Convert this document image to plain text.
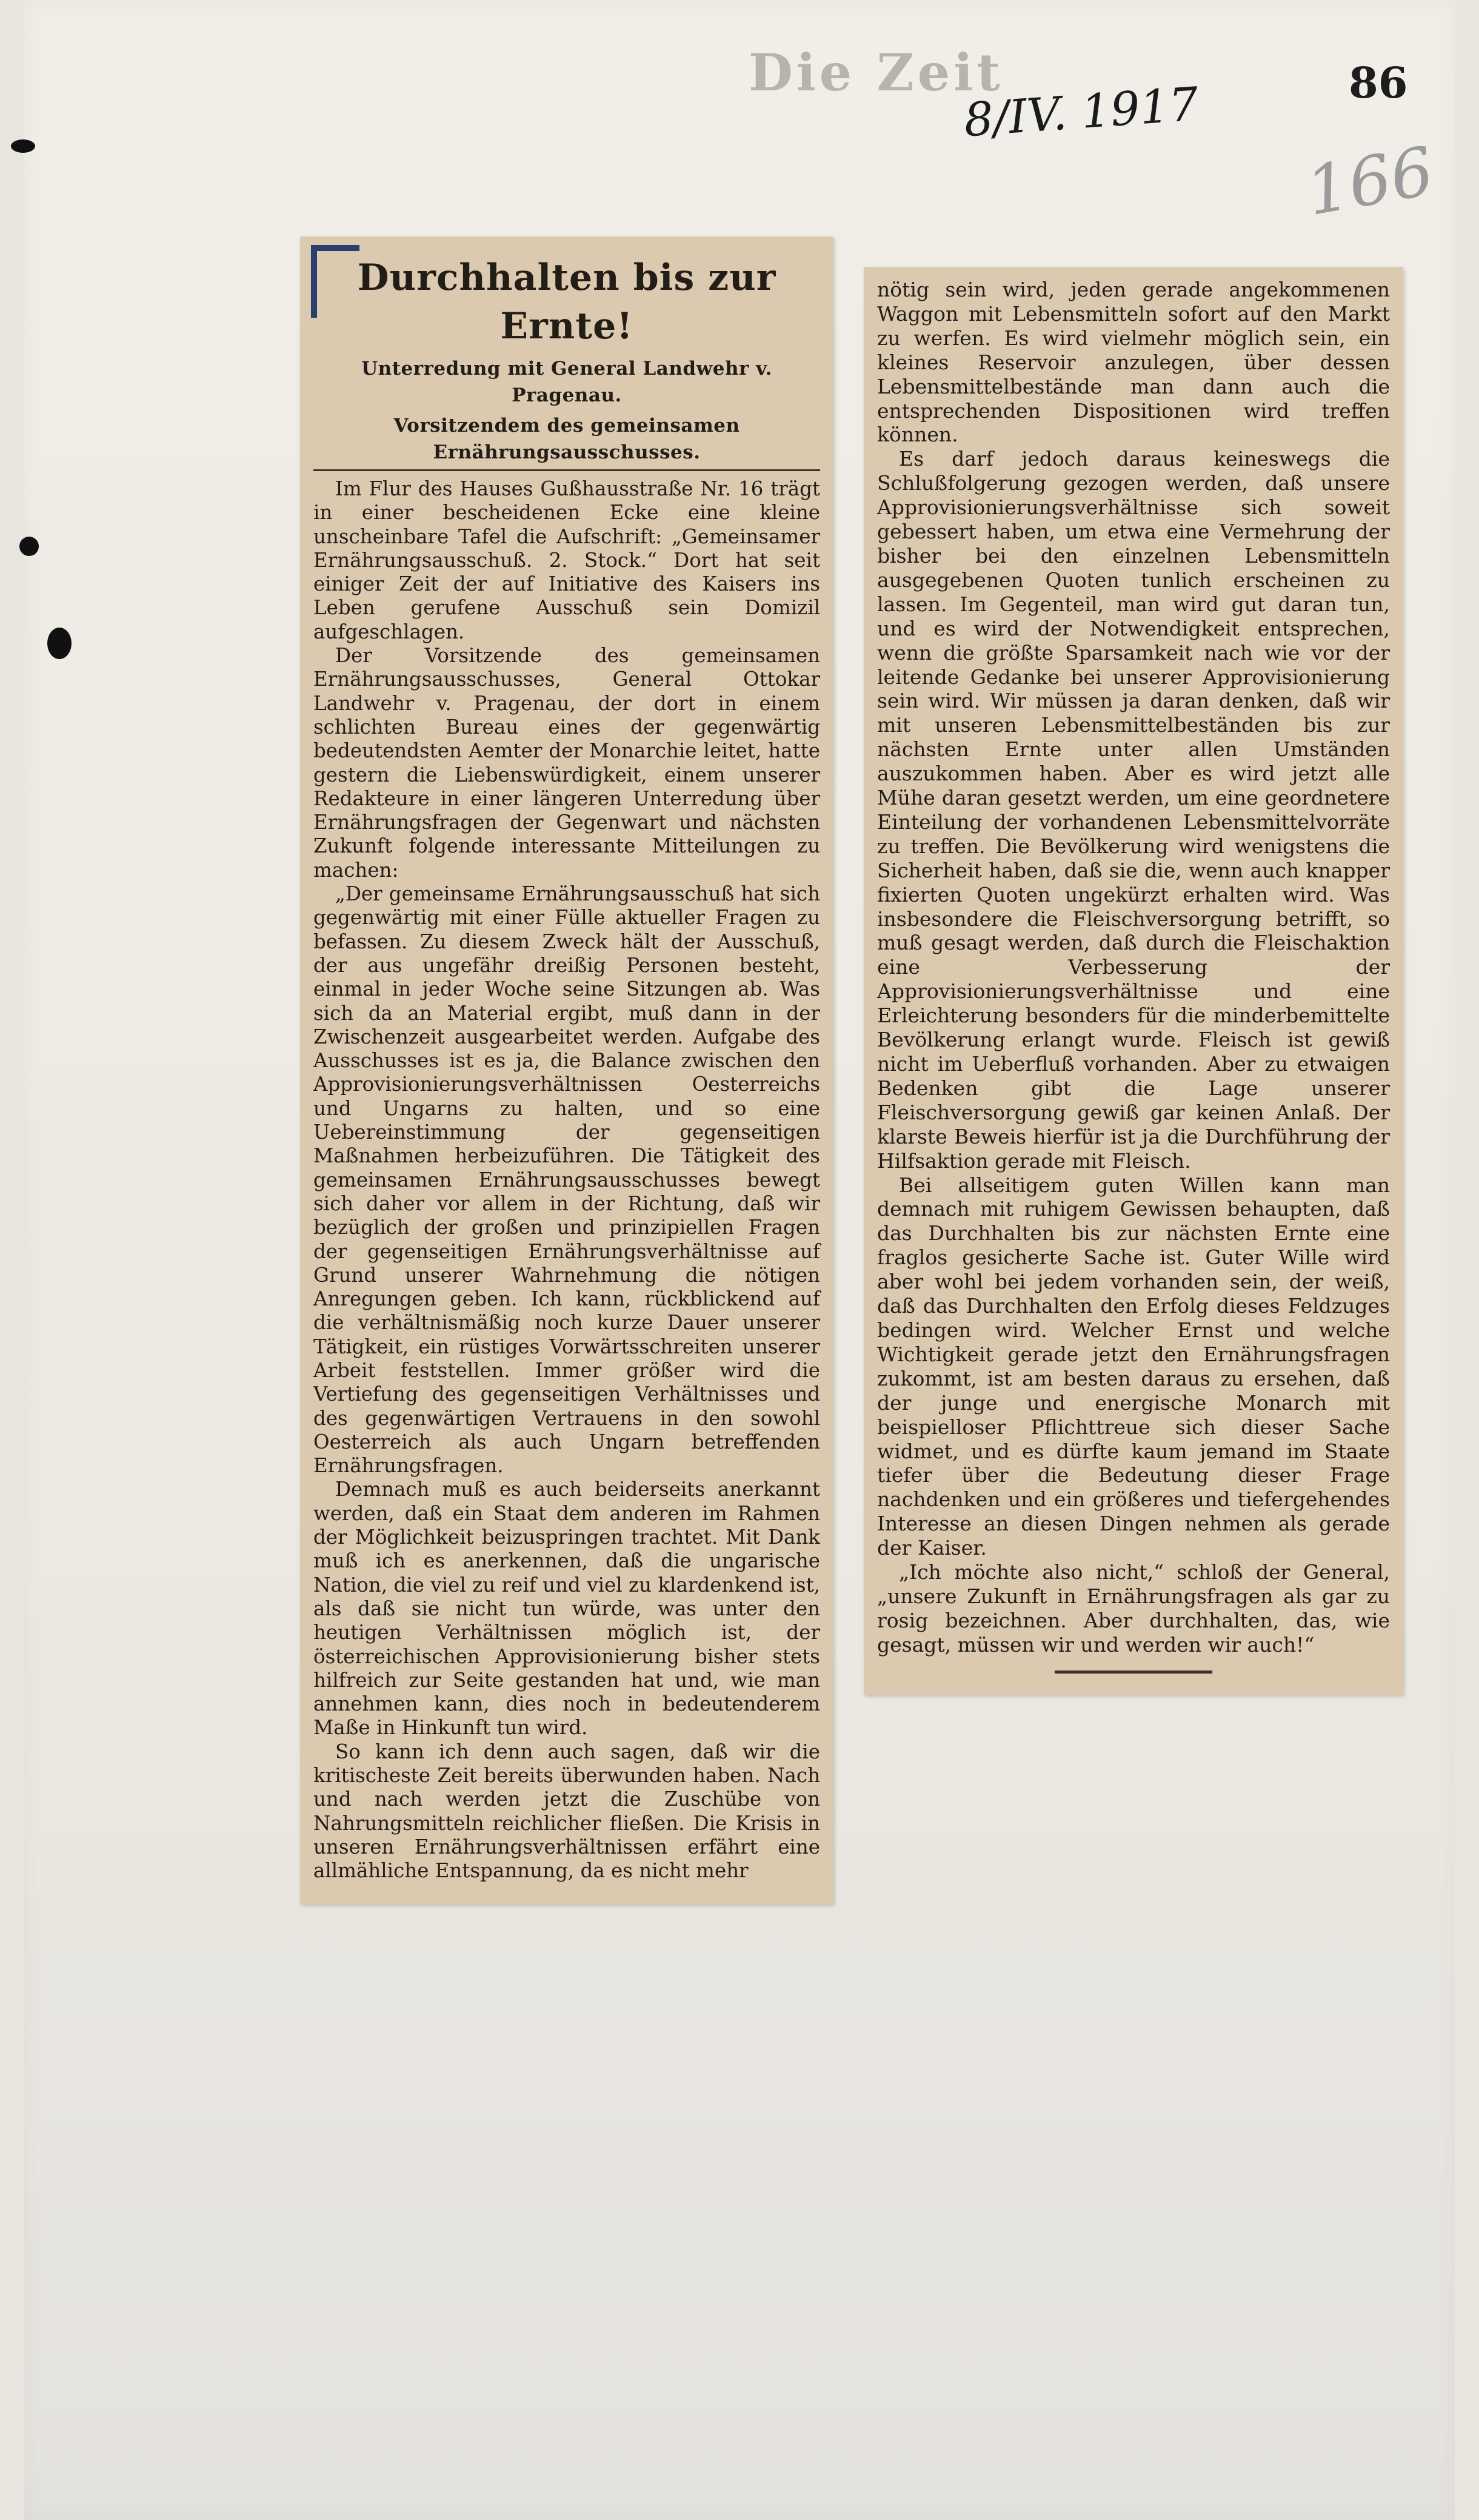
Die Zeit
8/IV. 1917	86
166
Durchhalten bis zur Ernte!
Unterredung mit General Landwehr v. Pragenau.
Vorsitzendem des gemeinsamen Ernährungsausschusses.

Im Flur des Hauses Gußhausstraße Nr. 16 trägt in einer bescheidenen Ecke eine kleine unscheinbare Tafel die Aufschrift: „Gemeinsamer Ernährungsausschuß. 2. Stock.“ Dort hat seit einiger Zeit der auf Initiative des Kaisers ins Leben gerufene Ausschuß sein Domizil aufgeschlagen.

Der Vorsitzende des gemeinsamen Ernährungsausschusses, General Ottokar Landwehr v. Pragenau, der dort in einem schlichten Bureau eines der gegenwärtig bedeutendsten Aemter der Monarchie leitet, hatte gestern die Liebenswürdigkeit, einem unserer Redakteure in einer längeren Unterredung über Ernährungsfragen der Gegenwart und nächsten Zukunft folgende interessante Mitteilungen zu machen:

„Der gemeinsame Ernährungsausschuß hat sich gegenwärtig mit einer Fülle aktueller Fragen zu befassen. Zu diesem Zweck hält der Ausschuß, der aus ungefähr dreißig Personen besteht, einmal in jeder Woche seine Sitzungen ab. Was sich da an Material ergibt, muß dann in der Zwischenzeit ausgearbeitet werden. Aufgabe des Ausschusses ist es ja, die Balance zwischen den Approvisionierungsverhältnissen Oesterreichs und Ungarns zu halten, und so eine Uebereinstimmung der gegenseitigen Maßnahmen herbeizuführen. Die Tätigkeit des gemeinsamen Ernährungsausschusses bewegt sich daher vor allem in der Richtung, daß wir bezüglich der großen und prinzipiellen Fragen der gegenseitigen Ernährungsverhältnisse auf Grund unserer Wahrnehmung die nötigen Anregungen geben. Ich kann, rückblickend auf die verhältnismäßig noch kurze Dauer unserer Tätigkeit, ein rüstiges Vorwärtsschreiten unserer Arbeit feststellen. Immer größer wird die Vertiefung des gegenseitigen Verhältnisses und des gegenwärtigen Vertrauens in den sowohl Oesterreich als auch Ungarn betreffenden Ernährungsfragen.

Demnach muß es auch beiderseits anerkannt werden, daß ein Staat dem anderen im Rahmen der Möglichkeit beizuspringen trachtet. Mit Dank muß ich es anerkennen, daß die ungarische Nation, die viel zu reif und viel zu klardenkend ist, als daß sie nicht tun würde, was unter den heutigen Verhältnissen möglich ist, der österreichischen Approvisionierung bisher stets hilfreich zur Seite gestanden hat und, wie man annehmen kann, dies noch in bedeutenderem Maße in Hinkunft tun wird.

So kann ich denn auch sagen, daß wir die kritischeste Zeit bereits überwunden haben. Nach und nach werden jetzt die Zuschübe von Nahrungsmitteln reichlicher fließen. Die Krisis in unseren Ernährungsverhältnissen erfährt eine allmähliche Entspannung, da es nicht mehr

nötig sein wird, jeden gerade angekommenen Waggon mit Lebensmitteln sofort auf den Markt zu werfen. Es wird vielmehr möglich sein, ein kleines Reservoir anzulegen, über dessen Lebensmittelbestände man dann auch die entsprechenden Dispositionen wird treffen können.

Es darf jedoch daraus keineswegs die Schlußfolgerung gezogen werden, daß unsere Approvisionierungsverhältnisse sich soweit gebessert haben, um etwa eine Vermehrung der bisher bei den einzelnen Lebensmitteln ausgegebenen Quoten tunlich erscheinen zu lassen. Im Gegenteil, man wird gut daran tun, und es wird der Notwendigkeit entsprechen, wenn die größte Sparsamkeit nach wie vor der leitende Gedanke bei unserer Approvisionierung sein wird. Wir müssen ja daran denken, daß wir mit unseren Lebensmittelbeständen bis zur nächsten Ernte unter allen Umständen auszukommen haben. Aber es wird jetzt alle Mühe daran gesetzt werden, um eine geordnetere Einteilung der vorhandenen Lebensmittelvorräte zu treffen. Die Bevölkerung wird wenigstens die Sicherheit haben, daß sie die, wenn auch knapper fixierten Quoten ungekürzt erhalten wird. Was insbesondere die Fleischversorgung betrifft, so muß gesagt werden, daß durch die Fleischaktion eine Verbesserung der Approvisionierungsverhältnisse und eine Erleichterung besonders für die minderbemittelte Bevölkerung erlangt wurde. Fleisch ist gewiß nicht im Ueberfluß vorhanden. Aber zu etwaigen Bedenken gibt die Lage unserer Fleischversorgung gewiß gar keinen Anlaß. Der klarste Beweis hierfür ist ja die Durchführung der Hilfsaktion gerade mit Fleisch.

Bei allseitigem guten Willen kann man demnach mit ruhigem Gewissen behaupten, daß das Durchhalten bis zur nächsten Ernte eine fraglos gesicherte Sache ist. Guter Wille wird aber wohl bei jedem vorhanden sein, der weiß, daß das Durchhalten den Erfolg dieses Feldzuges bedingen wird. Welcher Ernst und welche Wichtigkeit gerade jetzt den Ernährungsfragen zukommt, ist am besten daraus zu ersehen, daß der junge und energische Monarch mit beispielloser Pflichttreue sich dieser Sache widmet, und es dürfte kaum jemand im Staate tiefer über die Bedeutung dieser Frage nachdenken und ein größeres und tiefergehendes Interesse an diesen Dingen nehmen als gerade der Kaiser.

„Ich möchte also nicht,“ schloß der General, „unsere Zukunft in Ernährungsfragen als gar zu rosig bezeichnen. Aber durchhalten, das, wie gesagt, müssen wir und werden wir auch!“
